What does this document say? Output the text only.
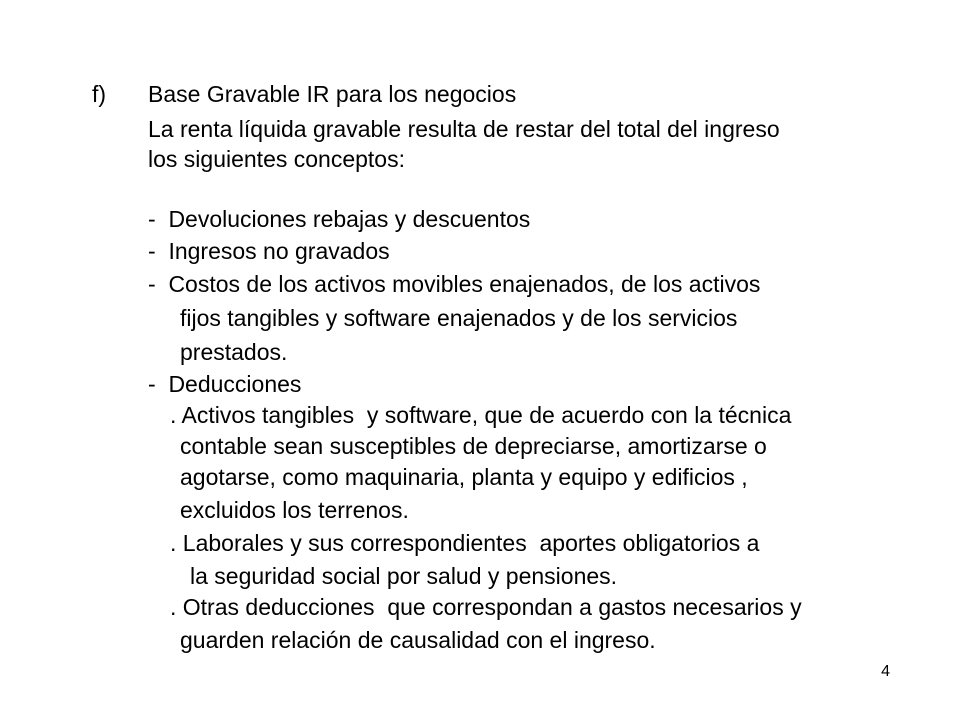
f) Base Gravable IR para los negocios
La renta líquida gravable resulta de restar del total del ingreso
los siguientes conceptos:
-  Devoluciones rebajas y descuentos
-  Ingresos no gravados
-  Costos de los activos movibles enajenados, de los activos
fijos tangibles y software enajenados y de los servicios
prestados.
-  Deducciones
. Activos tangibles  y software, que de acuerdo con la técnica
contable sean susceptibles de depreciarse, amortizarse o
agotarse, como maquinaria, planta y equipo y edificios ,
excluidos los terrenos.
. Laborales y sus correspondientes  aportes obligatorios a
la seguridad social por salud y pensiones.
. Otras deducciones  que correspondan a gastos necesarios y
guarden relación de causalidad con el ingreso.
4
